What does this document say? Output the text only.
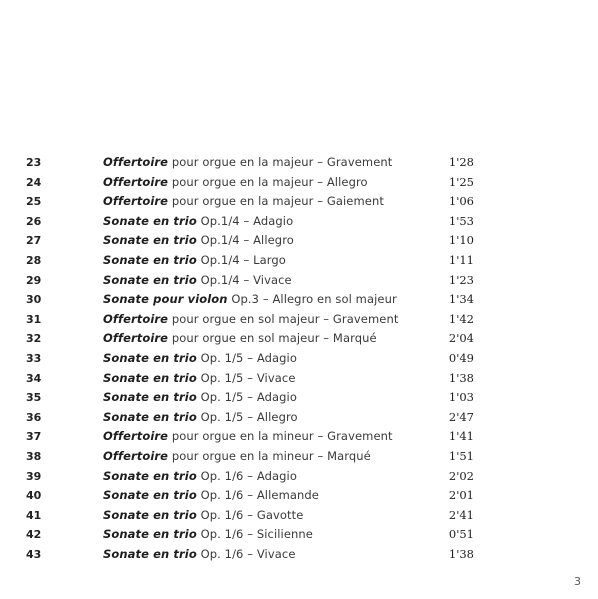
23	Offertoire pour orgue en la majeur – Gravement	1'28
24	Offertoire pour orgue en la majeur – Allegro	1'25
25	Offertoire pour orgue en la majeur – Gaiement	1'06
26	Sonate en trio Op.1/4 – Adagio	1'53
27	Sonate en trio Op.1/4 – Allegro	1'10
28	Sonate en trio Op.1/4 – Largo	1'11
29	Sonate en trio Op.1/4 – Vivace	1'23
30	Sonate pour violon Op.3 – Allegro en sol majeur	1'34
31	Offertoire pour orgue en sol majeur – Gravement	1'42
32	Offertoire pour orgue en sol majeur – Marqué	2'04
33	Sonate en trio Op. 1/5 – Adagio	0'49
34	Sonate en trio Op. 1/5 – Vivace	1'38
35	Sonate en trio Op. 1/5 – Adagio	1'03
36	Sonate en trio Op. 1/5 – Allegro	2'47
37	Offertoire pour orgue en la mineur – Gravement	1'41
38	Offertoire pour orgue en la mineur – Marqué	1'51
39	Sonate en trio Op. 1/6 – Adagio	2'02
40	Sonate en trio Op. 1/6 – Allemande	2'01
41	Sonate en trio Op. 1/6 – Gavotte	2'41
42	Sonate en trio Op. 1/6 – Sicilienne	0'51
43	Sonate en trio Op. 1/6 – Vivace	1'38
3
